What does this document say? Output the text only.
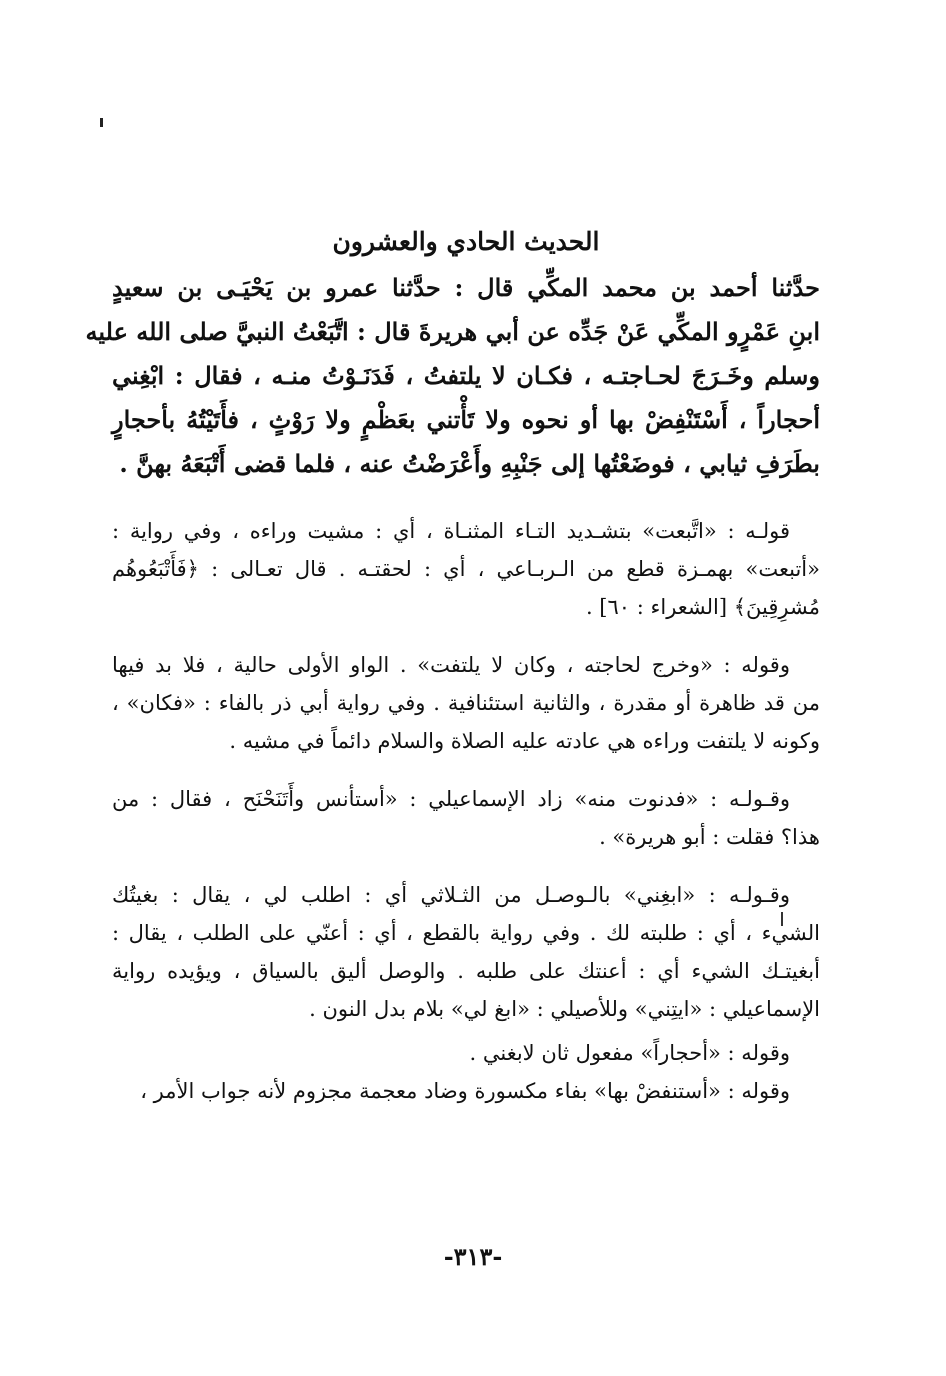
الحديث الحادي والعشرون
حدَّثنا أحمد بن محمد المكِّي قال : حدَّثنا عمرو بن يَحْيَـى بن سعيدٍ
ابنِ عَمْرٍو المكِّي عَنْ جَدِّه عن أبي هريرةَ قال : اتَّبَعْتُ النبيَّ صلى الله عليه
وسلم وخَـرَجَ لحـاجتـه ، فكـان لا يلتفتُ ، فَدَنَـوْتُ منـه ، فقال : ابْغِني
أحجاراً ، أَسْتَنْفِضْ بها أو نحوه ولا تَأْتني بعَظْمٍ ولا رَوْثٍ ، فأَتَيْتُهُ بأحجارٍ
بطَرَفِ ثيابي ، فوضَعْتُها إلى جَنْبِهِ وأَعْرَضْتُ عنه ، فلما قضى أَتْبَعَهُ بهنَّ .
قولـه : «اتَّبعت» بتشـديد التـاء المثنـاة ، أي : مشيت وراءه ، وفي رواية :
«أتبعت» بهمـزة قطع من الـربـاعي ، أي : لحقتـه . قال تعـالى : ﴿فَأَتْبَعُوهُم
مُشرِقِينَ﴾ [الشعراء : ٦٠] .
وقوله : «وخرج لحاجته ، وكان لا يلتفت» . الواو الأولى حالية ، فلا بد فيها
من قد ظاهرة أو مقدرة ، والثانية استئنافية . وفي رواية أبي ذر بالفاء : «فكان» ،
وكونه لا يلتفت وراءه هي عادته عليه الصلاة والسلام دائماً في مشيه .
وقـولـه : «فدنوت منه» زاد الإسماعيلي : «أستأنس وأَتَنَحْنَح ، فقال : من
هذا؟ فقلت : أبو هريرة» .
وقـولـه : «ابغِني» بالـوصـل من الثـلاثي أي : اطلب لي ، يقال : بغيتُك
الشيء ، أي : طلبته لك . وفي رواية بالقطع ، أي : أعنّي على الطلب ، يقال :
أبغيتـك الشيء أي : أعنتك على طلبه . والوصل أليق بالسياق ، ويؤيده رواية
الإسماعيلي : «ايتِني» وللأصيلي : «ابغ لي» بلام بدل النون .
وقوله : «أحجاراً» مفعول ثان لابغني .
وقوله : «أستنفضْ بها» بفاء مكسورة وضاد معجمة مجزوم لأنه جواب الأمر ،
-٣١٣-
